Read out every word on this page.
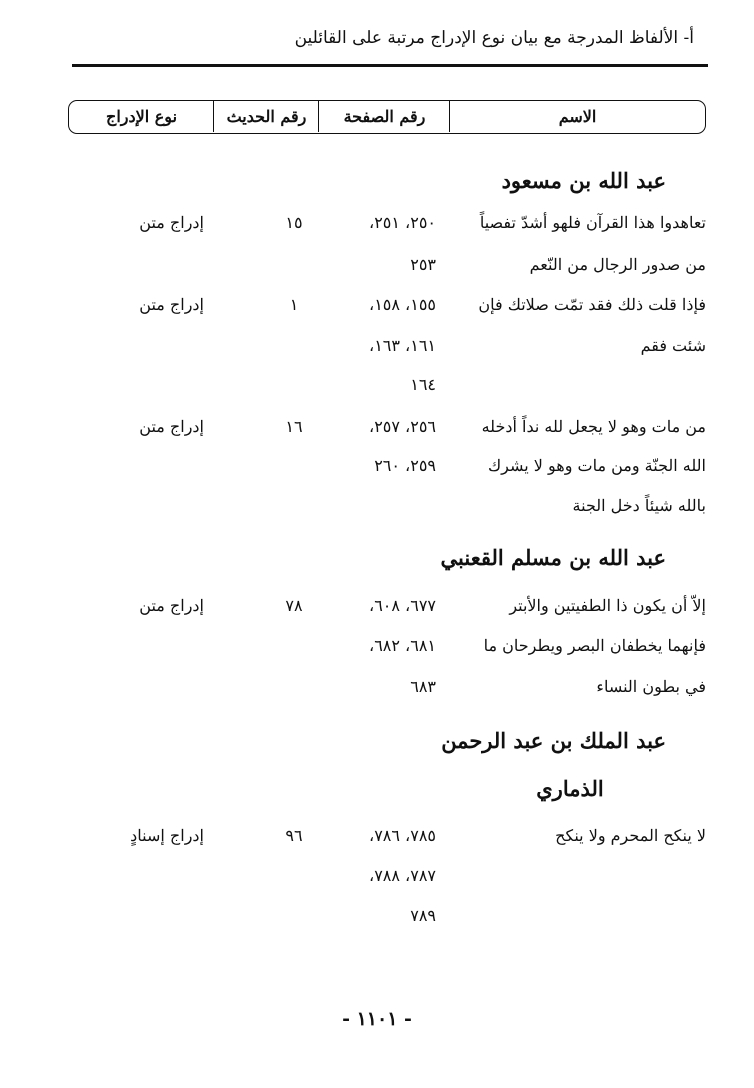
أ- الألفاظ المدرجة مع بيان نوع الإدراج مرتبة على القائلين
الاسم
رقم الصفحة
رقم الحديث
نوع الإدراج
عبد الله بن مسعود
تعاهدوا هذا القرآن فلهو أشدّ تفصياً
٢٥٠، ٢٥١،
١٥
إدراج متن
من صدور الرجال من النّعم
٢٥٣
فإذا قلت ذلك فقد تمّت صلاتك فإن
١٥٥، ١٥٨،
١
إدراج متن
شئت فقم
١٦١، ١٦٣،
١٦٤
من مات وهو لا يجعل لله نداً أدخله
٢٥٦، ٢٥٧،
١٦
إدراج متن
الله الجنّة ومن مات وهو لا يشرك
٢٥٩، ٢٦٠
بالله شيئاً دخل الجنة
عبد الله بن مسلم القعنبي
إلاّ أن يكون ذا الطفيتين والأبتر
٦٧٧، ٦٠٨،
٧٨
إدراج متن
فإنهما يخطفان البصر ويطرحان ما
٦٨١، ٦٨٢،
في بطون النساء
٦٨٣
عبد الملك بن عبد الرحمن
الذماري
لا ينكح المحرم ولا ينكح
٧٨٥، ٧٨٦،
٩٦
إدراج إسنادٍ
٧٨٧، ٧٨٨،
٧٨٩
- ١١٠١ -
